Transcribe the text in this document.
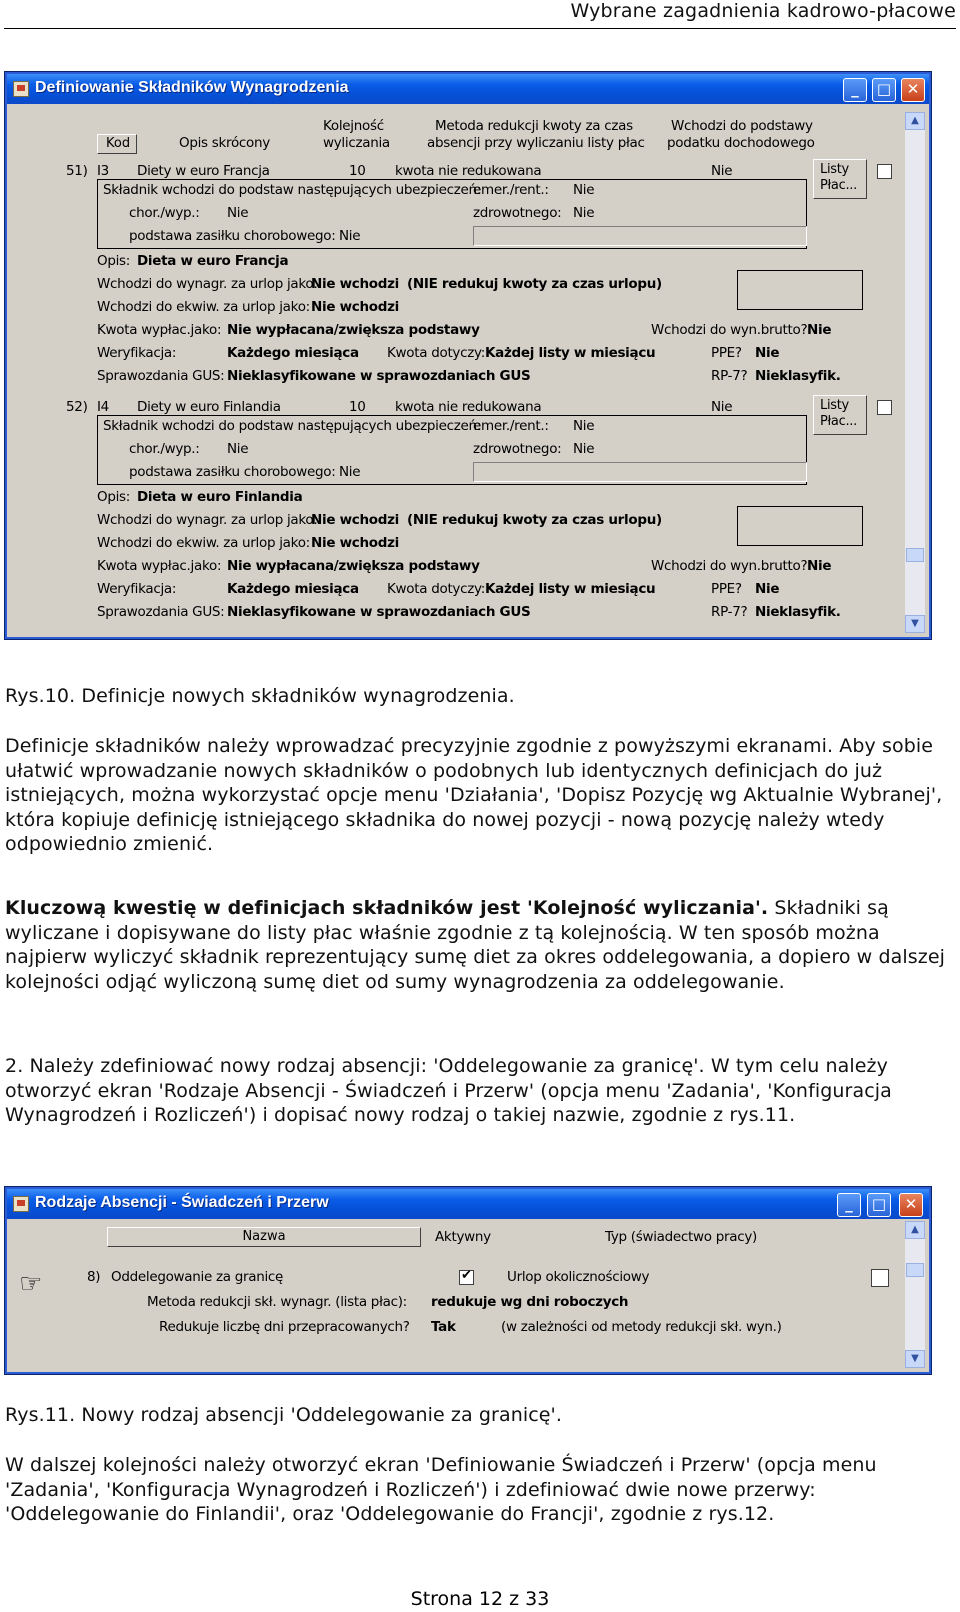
Wybrane zagadnienia kadrowo-płacowe
Definiowanie Składników Wynagrodzenia	_	□	✕
Kod	Opis skrócony
Kolejność
wyliczania
Metoda redukcji kwoty za czas
absencji przy wyliczaniu listy płac
Wchodzi do podstawy
podatku dochodowego
▲
▼
51) I3 Diety w euro Francja	10 kwota nie redukowana	Nie	Listy Płac...
Składnik wchodzi do podstaw następujących ubezpieczeń:
emer./rent.: Nie
chor./wyp.: Nie	zdrowotnego: Nie
podstawa zasiłku chorobowego: Nie
Opis: Dieta w euro Francja
Wchodzi do wynagr. za urlop jako:
Nie wchodzi (NIE redukuj kwoty za czas urlopu)
Wchodzi do ekwiw. za urlop jako: Nie wchodzi
Kwota wypłac.jako: Nie wypłacana/zwiększa podstawy	Wchodzi do wyn.brutto? Nie
Weryfikacja:	Każdego miesiąca Kwota dotyczy: Każdej listy w miesiącu	PPE? Nie
Sprawozdania GUS: Nieklasyfikowane w sprawozdaniach GUS	RP-7? Nieklasyfik.
52) I4 Diety w euro Finlandia	10 kwota nie redukowana	Nie	Listy Płac...
Składnik wchodzi do podstaw następujących ubezpieczeń:
emer./rent.: Nie
chor./wyp.: Nie	zdrowotnego: Nie
podstawa zasiłku chorobowego: Nie
Opis: Dieta w euro Finlandia
Wchodzi do wynagr. za urlop jako:
Nie wchodzi (NIE redukuj kwoty za czas urlopu)
Wchodzi do ekwiw. za urlop jako: Nie wchodzi
Kwota wypłac.jako: Nie wypłacana/zwiększa podstawy	Wchodzi do wyn.brutto? Nie
Weryfikacja:	Każdego miesiąca Kwota dotyczy: Każdej listy w miesiącu	PPE? Nie
Sprawozdania GUS: Nieklasyfikowane w sprawozdaniach GUS	RP-7? Nieklasyfik.
Rys.10. Definicje nowych składników wynagrodzenia.
Definicje składników należy wprowadzać precyzyjnie zgodnie z powyższymi ekranami. Aby sobie ułatwić wprowadzanie nowych składników o podobnych lub identycznych definicjach do już istniejących, można wykorzystać opcje menu 'Działania', 'Dopisz Pozycję wg Aktualnie Wybranej', która kopiuje definicję istniejącego składnika do nowej pozycji - nową pozycję należy wtedy odpowiednio zmienić.
Kluczową kwestię w definicjach składników jest 'Kolejność wyliczania'. Składniki są wyliczane i dopisywane do listy płac właśnie zgodnie z tą kolejnością. W ten sposób można najpierw wyliczyć składnik reprezentujący sumę diet za okres oddelegowania, a dopiero w dalszej kolejności odjąć wyliczoną sumę diet od sumy wynagrodzenia za oddelegowanie.
2. Należy zdefiniować nowy rodzaj absencji: 'Oddelegowanie za granicę'. W tym celu należy otworzyć ekran 'Rodzaje Absencji - Świadczeń i Przerw' (opcja menu 'Zadania', 'Konfiguracja Wynagrodzeń i Rozliczeń') i dopisać nowy rodzaj o takiej nazwie, zgodnie z rys.11.
Rodzaje Absencji - Świadczeń i Przerw	_	□	✕
Nazwa	Aktywny	Typ (świadectwo pracy)	▲
▼
☞	8) Oddelegowanie za granicę
✔	Urlop okolicznościowy
Metoda redukcji skł. wynagr. (lista płac): redukuje wg dni roboczych
Redukuje liczbę dni przepracowanych? Tak	(w zależności od metody redukcji skł. wyn.)
Rys.11. Nowy rodzaj absencji 'Oddelegowanie za granicę'.
W dalszej kolejności należy otworzyć ekran 'Definiowanie Świadczeń i Przerw' (opcja menu 'Zadania', 'Konfiguracja Wynagrodzeń i Rozliczeń') i zdefiniować dwie nowe przerwy: 'Oddelegowanie do Finlandii', oraz 'Oddelegowanie do Francji', zgodnie z rys.12.
Strona 12 z 33
